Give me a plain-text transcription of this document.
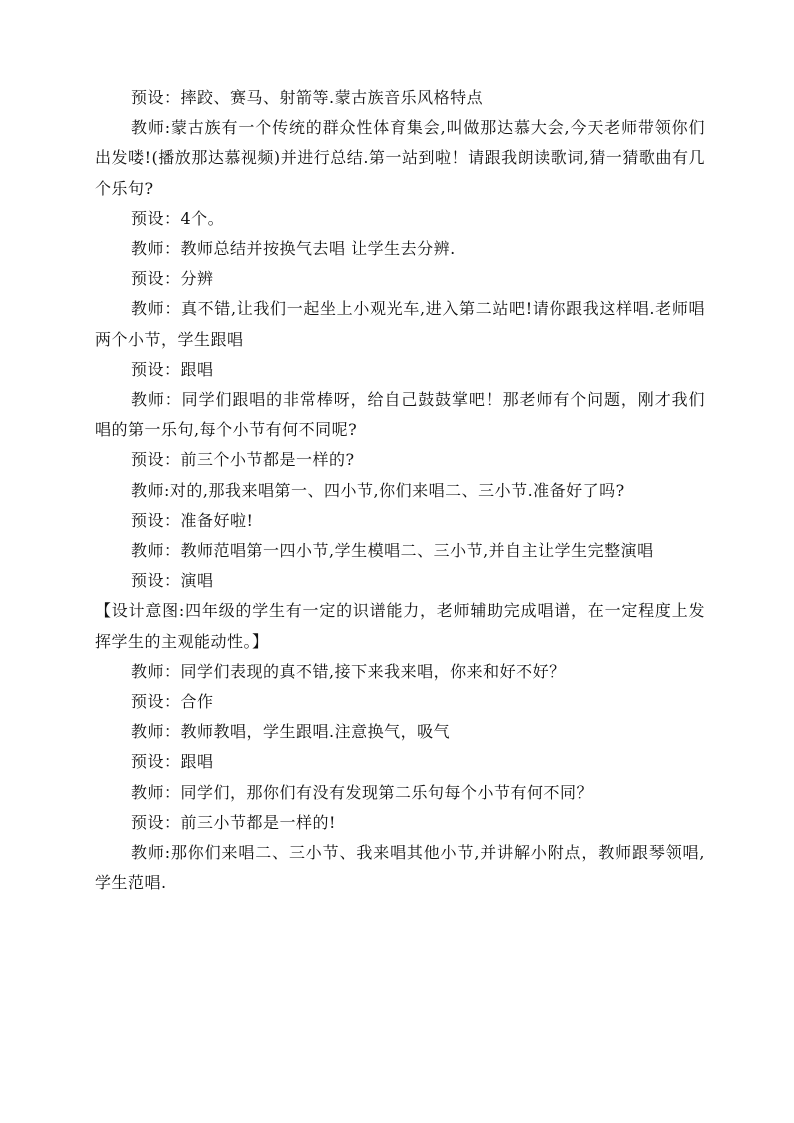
预设：摔跤、赛马、射箭等.蒙古族音乐风格特点

教师:蒙古族有一个传统的群众性体育集会,叫做那达慕大会,今天老师带领你们出发喽!(播放那达慕视频)并进行总结.第一站到啦！请跟我朗读歌词,猜一猜歌曲有几个乐句?

预设：4个。

教师：教师总结并按换气去唱 让学生去分辨.

预设：分辨

教师：真不错,让我们一起坐上小观光车,进入第二站吧!请你跟我这样唱.老师唱两个小节，学生跟唱

预设：跟唱

教师：同学们跟唱的非常棒呀，给自己鼓鼓掌吧！那老师有个问题，刚才我们唱的第一乐句,每个小节有何不同呢?

预设：前三个小节都是一样的?

教师:对的,那我来唱第一、四小节,你们来唱二、三小节.准备好了吗?

预设：准备好啦!

教师：教师范唱第一四小节,学生模唱二、三小节,并自主让学生完整演唱

预设：演唱

【设计意图:四年级的学生有一定的识谱能力，老师辅助完成唱谱，在一定程度上发挥学生的主观能动性。】

教师：同学们表现的真不错,接下来我来唱，你来和好不好？

预设：合作

教师：教师教唱，学生跟唱.注意换气，吸气

预设：跟唱

教师：同学们，那你们有没有发现第二乐句每个小节有何不同？

预设：前三小节都是一样的!

教师:那你们来唱二、三小节、我来唱其他小节,并讲解小附点，教师跟琴领唱,学生范唱.
